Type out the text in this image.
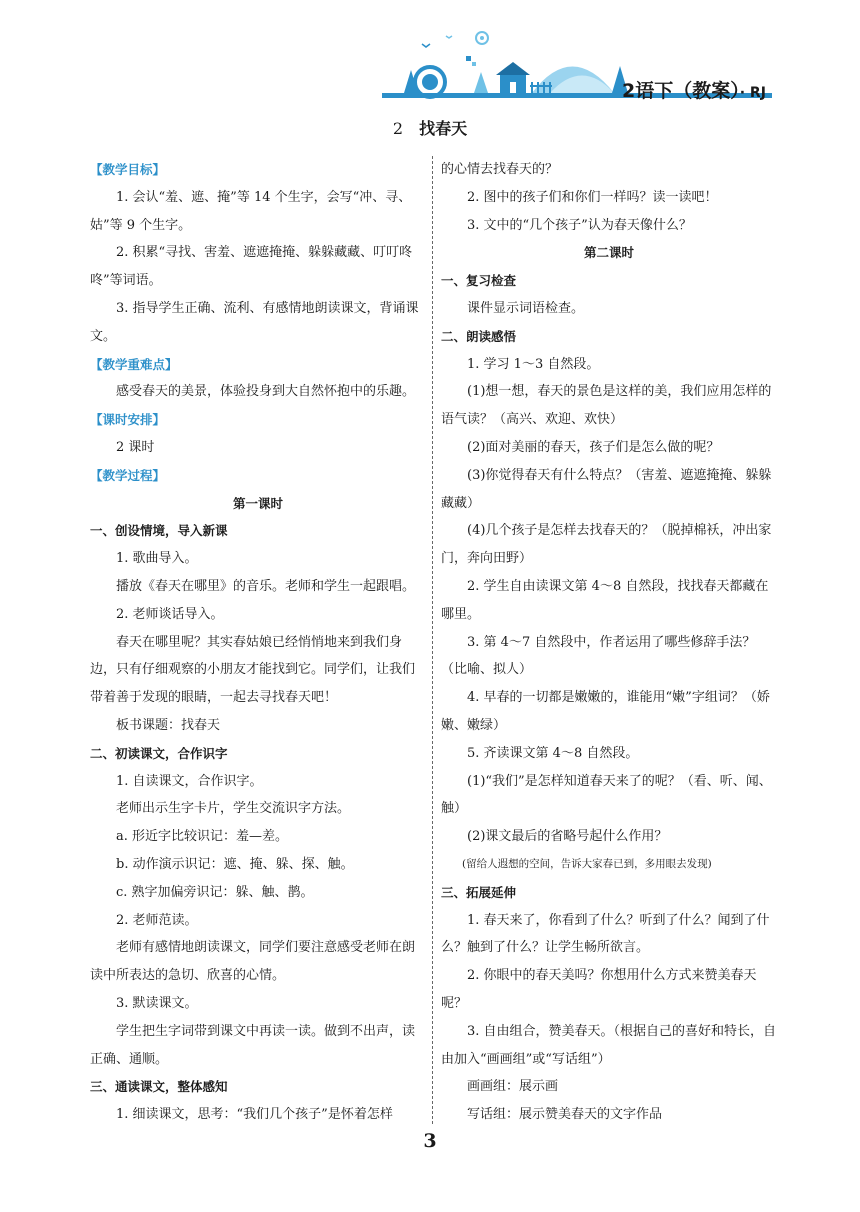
2语下（教案）· RJ
2 找春天

【教学目标】

1. 会认“羞、遮、掩”等 14 个生字，会写“冲、寻、姑”等 9 个生字。

2. 积累“寻找、害羞、遮遮掩掩、躲躲藏藏、叮叮咚咚”等词语。

3. 指导学生正确、流利、有感情地朗读课文，背诵课文。

【教学重难点】

感受春天的美景，体验投身到大自然怀抱中的乐趣。

【课时安排】

2 课时

【教学过程】

第一课时

一、创设情境，导入新课

1. 歌曲导入。

播放《春天在哪里》的音乐。老师和学生一起跟唱。

2. 老师谈话导入。

春天在哪里呢？其实春姑娘已经悄悄地来到我们身边，只有仔细观察的小朋友才能找到它。同学们，让我们带着善于发现的眼睛，一起去寻找春天吧！

板书课题：找春天

二、初读课文，合作识字

1. 自读课文，合作识字。

老师出示生字卡片，学生交流识字方法。

a. 形近字比较识记：羞—差。

b. 动作演示识记：遮、掩、躲、探、触。

c. 熟字加偏旁识记：躲、触、鹊。

2. 老师范读。

老师有感情地朗读课文，同学们要注意感受老师在朗读中所表达的急切、欣喜的心情。

3. 默读课文。

学生把生字词带到课文中再读一读。做到不出声，读正确、通顺。

三、通读课文，整体感知

1. 细读课文，思考：“我们几个孩子”是怀着怎样

的心情去找春天的？

2. 图中的孩子们和你们一样吗？读一读吧！

3. 文中的“几个孩子”认为春天像什么？

第二课时

一、复习检查

课件显示词语检查。

二、朗读感悟

1. 学习 1～3 自然段。

(1)想一想，春天的景色是这样的美，我们应用怎样的语气读？（高兴、欢迎、欢快）

(2)面对美丽的春天，孩子们是怎么做的呢？

(3)你觉得春天有什么特点？（害羞、遮遮掩掩、躲躲藏藏）

(4)几个孩子是怎样去找春天的？（脱掉棉袄，冲出家门，奔向田野）

2. 学生自由读课文第 4～8 自然段，找找春天都藏在哪里。

3. 第 4～7 自然段中，作者运用了哪些修辞手法？（比喻、拟人）

4. 早春的一切都是嫩嫩的，谁能用“嫩”字组词？（娇嫩、嫩绿）

5. 齐读课文第 4～8 自然段。

(1)“我们”是怎样知道春天来了的呢？（看、听、闻、触）

(2)课文最后的省略号起什么作用？

(留给人遐想的空间，告诉大家春已到，多用眼去发现)

三、拓展延伸

1. 春天来了，你看到了什么？听到了什么？闻到了什么？触到了什么？让学生畅所欲言。

2. 你眼中的春天美吗？你想用什么方式来赞美春天呢？

3. 自由组合，赞美春天。（根据自己的喜好和特长，自由加入“画画组”或“写话组”）

画画组：展示画

写话组：展示赞美春天的文字作品

3
